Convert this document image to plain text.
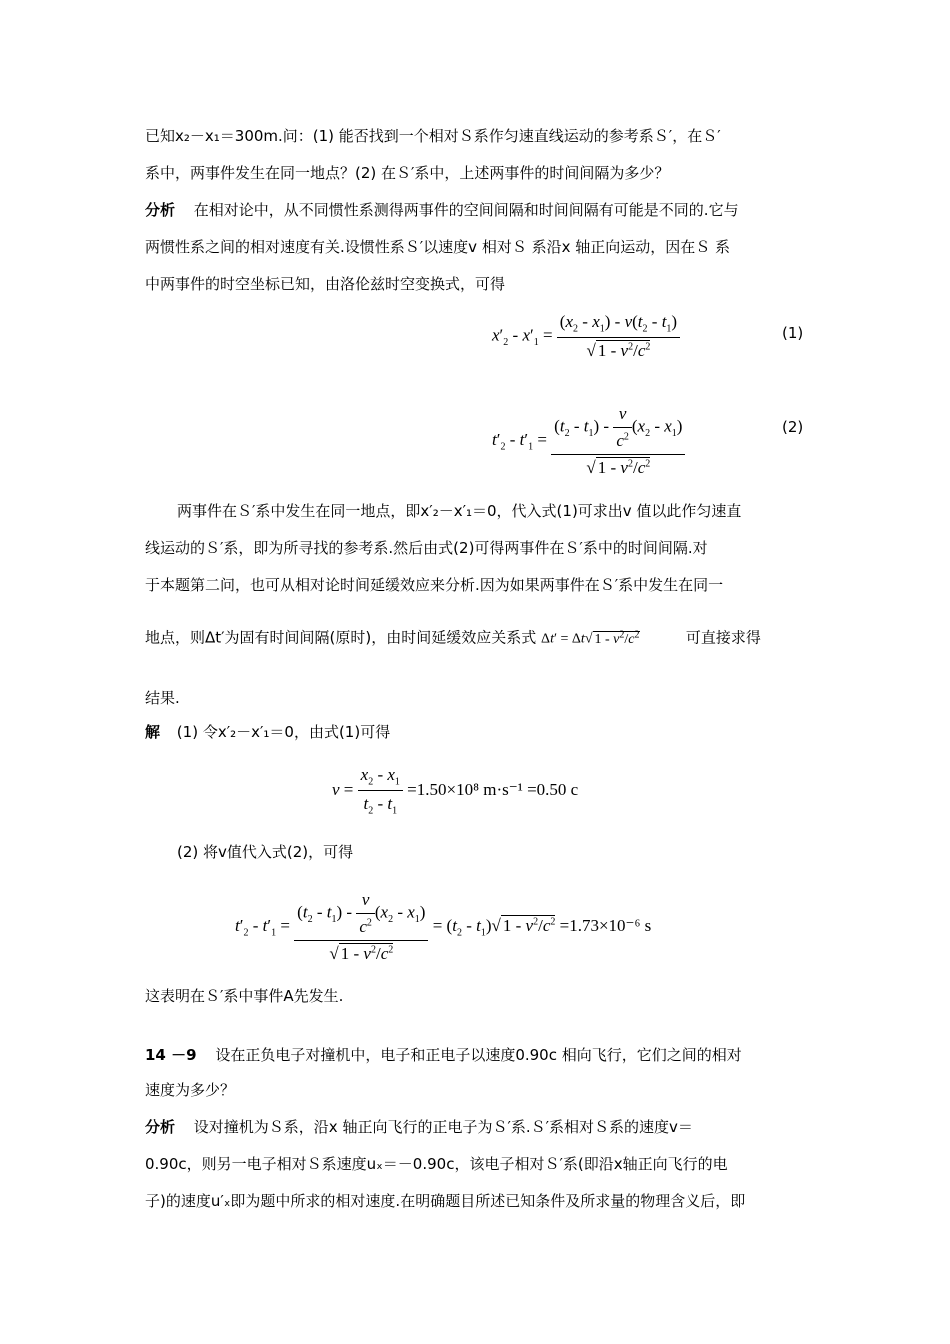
已知x₂－x₁＝300m.问：(1) 能否找到一个相对Ｓ系作匀速直线运动的参考系Ｓ′，在Ｓ′
系中，两事件发生在同一地点？(2) 在Ｓ′系中，上述两事件的时间间隔为多少？
分析 在相对论中，从不同惯性系测得两事件的空间间隔和时间间隔有可能是不同的.它与
两惯性系之间的相对速度有关.设惯性系Ｓ′以速度v 相对Ｓ 系沿x 轴正向运动，因在Ｓ 系
中两事件的时空坐标已知，由洛伦兹时空变换式，可得
$x'_2 - x'_1 = \frac{(x_2 - x_1) - v(t_2 - t_1)}{√ 1 - v^2/c^2}$	(1)
$t'_2 - t'_1 = \frac{(t_2 - t_1) - \frac{v}{c^2} (x_2 - x_1)}{√ 1 - v^2/c^2}$	(2)
两事件在Ｓ′系中发生在同一地点，即x′₂－x′₁＝0，代入式(1)可求出v 值以此作匀速直
线运动的Ｓ′系，即为所寻找的参考系.然后由式(2)可得两事件在Ｓ′系中的时间间隔.对
于本题第二问，也可从相对论时间延缓效应来分析.因为如果两事件在Ｓ′系中发生在同一
地点，则Δt′为固有时间间隔(原时)，由时间延缓效应关系式 Δt′ = Δt√ $1 - v^2/c^2$	可直接求得
结果.
解 (1) 令x′₂－x′₁＝0，由式(1)可得
$v = \frac{x_2 - x_1}{t_2 - t_1} =1.50\times 10^8$ m·s⁻¹ =0.50 c
(2) 将v值代入式(2)，可得
$t'_2 - t'_1 = \frac{(t_2 - t_1) - \frac{v}{c^2} (x_2 - x_1)}{√ 1 - v^2/c^2} = (t_2 - t_1)√$ $1 - v^2/c^2 =1.73\times 10^{-6}$ s
这表明在Ｓ′系中事件A先发生.
14 －9 设在正负电子对撞机中，电子和正电子以速度0.90c 相向飞行，它们之间的相对
速度为多少？
分析 设对撞机为Ｓ系，沿x 轴正向飞行的正电子为Ｓ′系.Ｓ′系相对Ｓ系的速度v＝
0.90c，则另一电子相对Ｓ系速度uₓ＝－0.90c，该电子相对Ｓ′系(即沿x轴正向飞行的电
子)的速度u′ₓ即为题中所求的相对速度.在明确题目所述已知条件及所求量的物理含义后，即
